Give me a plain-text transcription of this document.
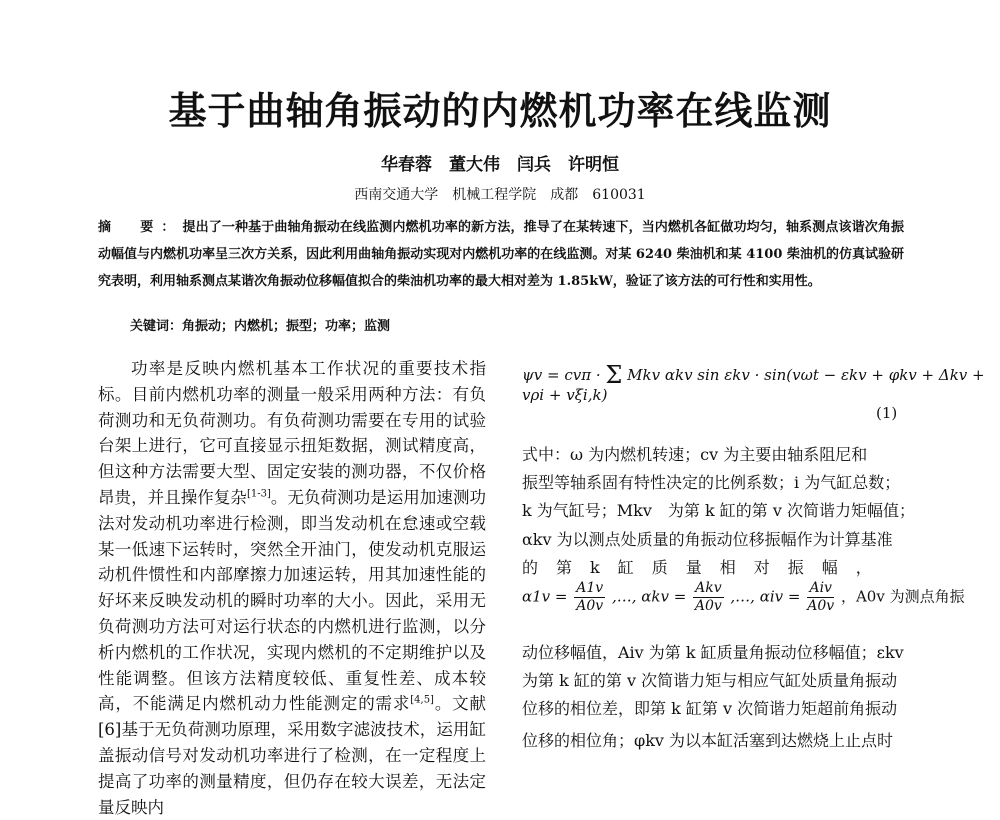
基于曲轴角振动的内燃机功率在线监测
华春蓉　董大伟　闫兵　许明恒
西南交通大学　机械工程学院　成都　610031
摘　要：提出了一种基于曲轴角振动在线监测内燃机功率的新方法，推导了在某转速下，当内燃机各缸做功均匀，轴系测点该谐次角振动幅值与内燃机功率呈三次方关系，因此利用曲轴角振动实现对内燃机功率的在线监测。对某 6240 柴油机和某 4100 柴油机的仿真试验研究表明，利用轴系测点某谐次角振动位移幅值拟合的柴油机功率的最大相对差为 1.85kW，验证了该方法的可行性和实用性。
关键词：角振动；内燃机；振型；功率；监测

功率是反映内燃机基本工作状况的重要技术指标。目前内燃机功率的测量一般采用两种方法：有负荷测功和无负荷测功。有负荷测功需要在专用的试验台架上进行，它可直接显示扭矩数据，测试精度高，但这种方法需要大型、固定安装的测功器，不仅价格昂贵，并且操作复杂[1-3]。无负荷测功是运用加速测功法对发动机功率进行检测，即当发动机在怠速或空载某一低速下运转时，突然全开油门，使发动机克服运动机件惯性和内部摩擦力加速运转，用其加速性能的好坏来反映发动机的瞬时功率的大小。因此，采用无负荷测功方法可对运行状态的内燃机进行监测，以分析内燃机的工作状况，实现内燃机的不定期维护以及性能调整。但该方法精度较低、重复性差、成本较高，不能满足内燃机动力性能测定的需求[4,5]。文献[6]基于无负荷测功原理，采用数字滤波技术，运用缸盖振动信号对发动机功率进行了检测，在一定程度上提高了功率的测量精度，但仍存在较大误差，无法定量反映内

ψv = cvπ · Σ Mkv αkv sin εkv · sin(vωt − εkv + φkv + Δkv + vρi + vξi,k)
(1)
式中：ω 为内燃机转速；cv 为主要由轴系阻尼和
振型等轴系固有特性决定的比例系数；i 为气缸总数；
k 为气缸号；Mkv　为第 k 缸的第 v 次简谐力矩幅值；
αkv 为以测点处质量的角振动位移振幅作为计算基准
的　第　k　缸　质　量　相　对　振　幅　，
$\alpha 1v = \frac{A1v}{A0v}$ ,…, $\alpha kv = \frac{\text{Akv}}{A0v}$ ,…, $\alpha iv = \frac{\text{Aiv}}{A0v}$ ，A0v 为测点角振
动位移幅值，Aiv 为第 k 缸质量角振动位移幅值；εkv
为第 k 缸的第 v 次简谐力矩与相应气缸处质量角振动
位移的相位差，即第 k 缸第 v 次简谐力矩超前角振动
位移的相位角；φkv 为以本缸活塞到达燃烧上止点时
